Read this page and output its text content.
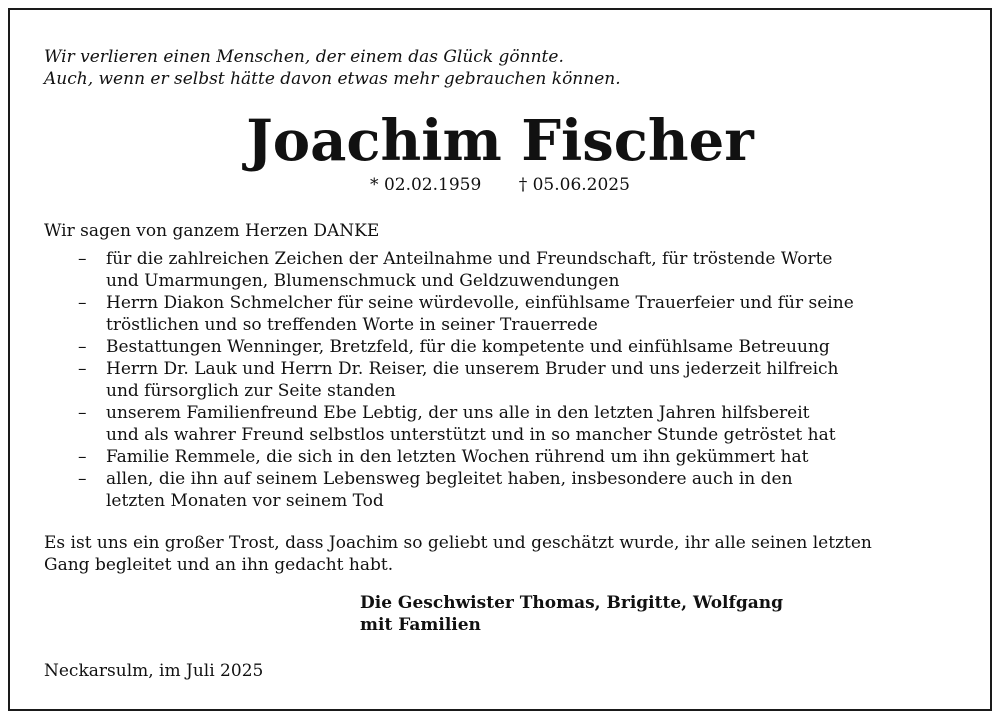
Wir verlieren einen Menschen, der einem das Glück gönnte.
Auch, wenn er selbst hätte davon etwas mehr gebrauchen können.
Joachim Fischer
* 02.02.1959 † 05.06.2025
Wir sagen von ganzem Herzen DANKE
– für die zahlreichen Zeichen der Anteilnahme und Freundschaft, für tröstende Worte
und Umarmungen, Blumenschmuck und Geldzuwendungen
– Herrn Diakon Schmelcher für seine würdevolle, einfühlsame Trauerfeier und für seine
tröstlichen und so treffenden Worte in seiner Trauerrede
– Bestattungen Wenninger, Bretzfeld, für die kompetente und einfühlsame Betreuung
– Herrn Dr. Lauk und Herrn Dr. Reiser, die unserem Bruder und uns jederzeit hilfreich
und fürsorglich zur Seite standen
– unserem Familienfreund Ebe Lebtig, der uns alle in den letzten Jahren hilfsbereit
und als wahrer Freund selbstlos unterstützt und in so mancher Stunde getröstet hat
– Familie Remmele, die sich in den letzten Wochen rührend um ihn gekümmert hat
– allen, die ihn auf seinem Lebensweg begleitet haben, insbesondere auch in den
letzten Monaten vor seinem Tod
Es ist uns ein großer Trost, dass Joachim so geliebt und geschätzt wurde, ihr alle seinen letzten
Gang begleitet und an ihn gedacht habt.
Die Geschwister Thomas, Brigitte, Wolfgang
mit Familien
Neckarsulm, im Juli 2025
